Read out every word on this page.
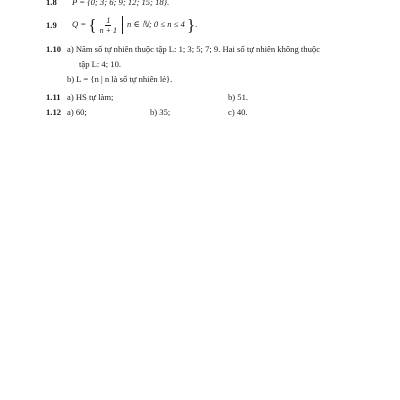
1.8 P = {0; 3; 6; 9; 12; 15; 18}.
1.9 Q = { $\frac{1}{n + 1}$ n ∈ ℕ; 0 ≤ n ≤ 4 }.
1.10 a) Năm số tự nhiên thuộc tập L: 1; 3; 5; 7; 9. Hai số tự nhiên không thuộc
tập L: 4; 10.
b) L = {n | n là số tự nhiên lẻ}.
1.11 a) HS tự làm;	b) 51.
1.12 a) 60;	b) 35;	c) 40.
